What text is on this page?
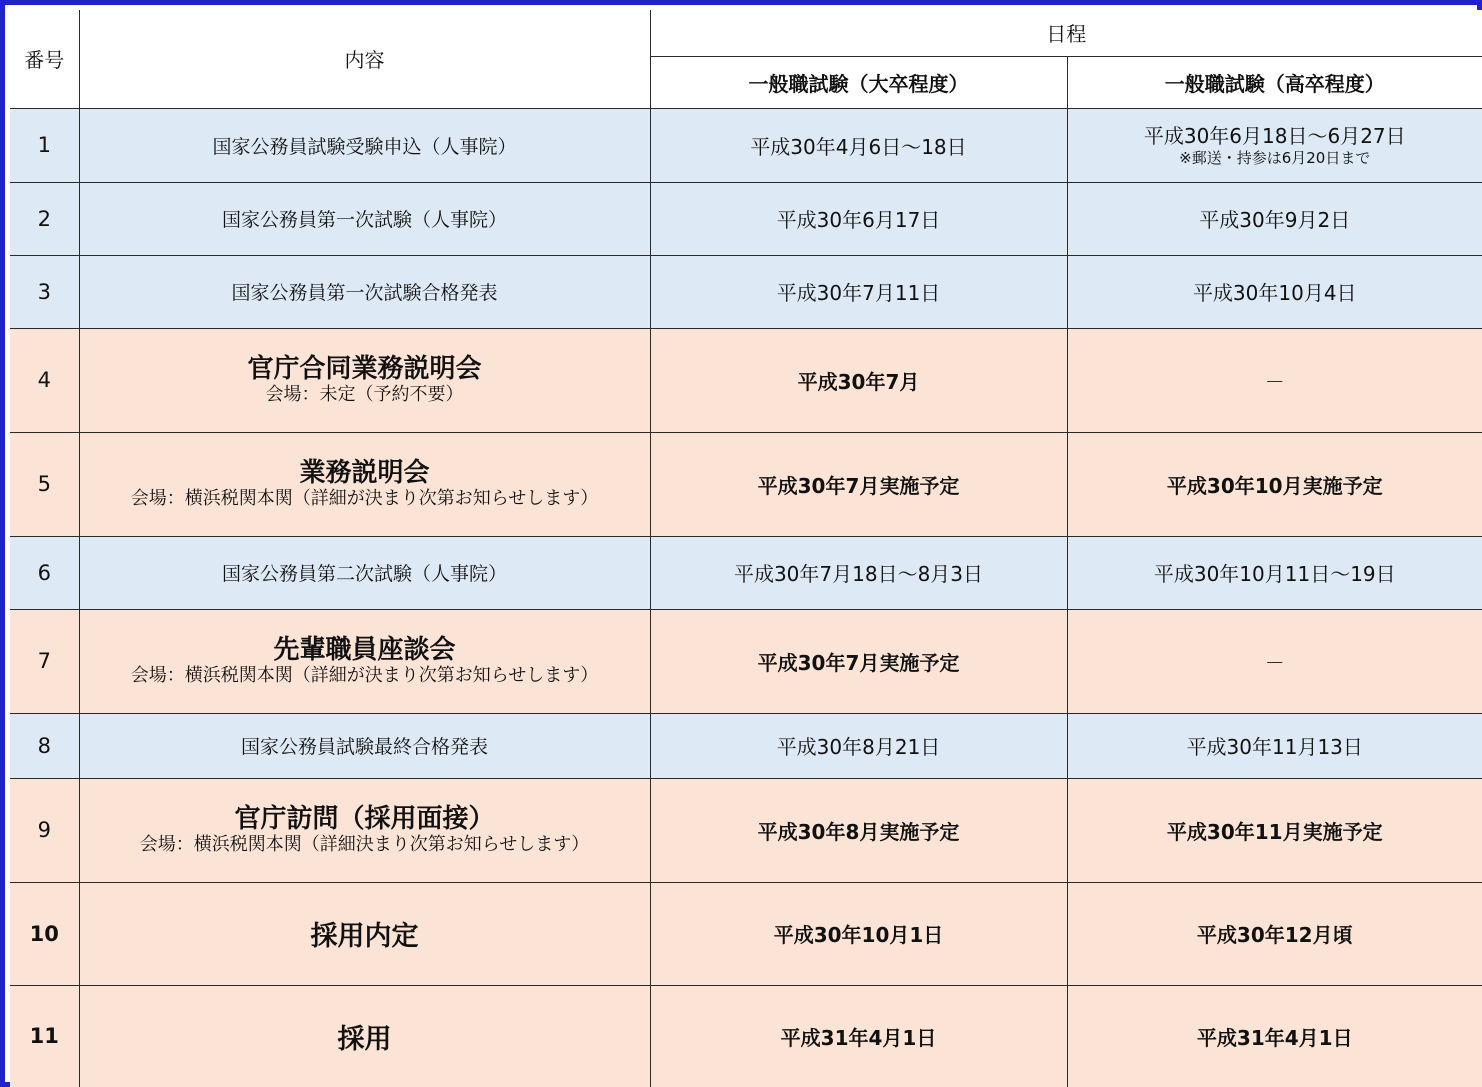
番号	内容	日程	
		一般職試験（大卒程度）	一般職試験（高卒程度）
1	国家公務員試験受験申込（人事院）	平成30年4月6日～18日	平成30年6月18日～6月27日
※郵送・持参は6月20日まで

2	国家公務員第一次試験（人事院）	平成30年6月17日	平成30年9月2日
3	国家公務員第一次試験合格発表	平成30年7月11日	平成30年10月4日
4	官庁合同業務説明会
会場：未定（予約不要）	平成30年7月	－
5	業務説明会
会場：横浜税関本関（詳細が決まり次第お知らせします）	平成30年7月実施予定	平成30年10月実施予定
6	国家公務員第二次試験（人事院）	平成30年7月18日～8月3日	平成30年10月11日～19日
7	先輩職員座談会
会場：横浜税関本関（詳細が決まり次第お知らせします）	平成30年7月実施予定	－
8	国家公務員試験最終合格発表	平成30年8月21日	平成30年11月13日
9	官庁訪問（採用面接）
会場：横浜税関本関（詳細決まり次第お知らせします）	平成30年8月実施予定	平成30年11月実施予定
10	採用内定	平成30年10月1日	平成30年12月頃
11	採用	平成31年4月1日	平成31年4月1日
